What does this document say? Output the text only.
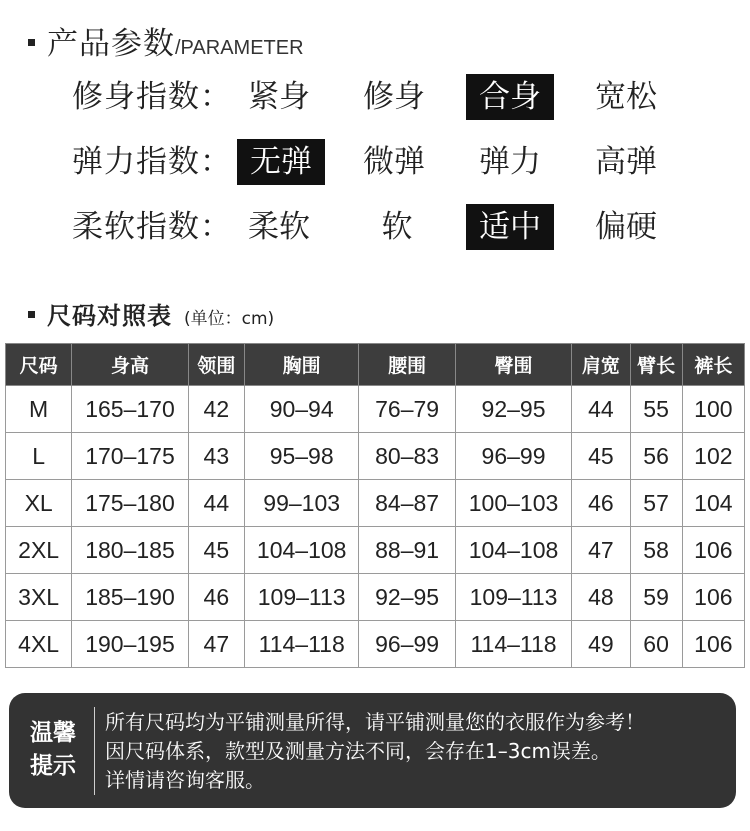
产品参数 /PARAMETER
修身指数： 紧身 修身	合身	宽松
弹力指数： 无弹	微弹 弹力 高弹
柔软指数： 柔软 软	适中	偏硬
尺码对照表 (单位：cm)
尺码	身高	领围	胸围	腰围	臀围	肩宽	臂长	裤长
M	165–170	42	90–94	76–79	92–95	44	55	100
L	170–175	43	95–98	80–83	96–99	45	56	102
XL	175–180	44	99–103	84–87	100–103	46	57	104
2XL	180–185	45	104–108	88–91	104–108	47	58	106
3XL	185–190	46	109–113	92–95	109–113	48	59	106
4XL	190–195	47	114–118	96–99	114–118	49	60	106
温馨
提示
所有尺码均为平铺测量所得，请平铺测量您的衣服作为参考！
因尺码体系，款型及测量方法不同，会存在1–3cm误差。
详情请咨询客服。
